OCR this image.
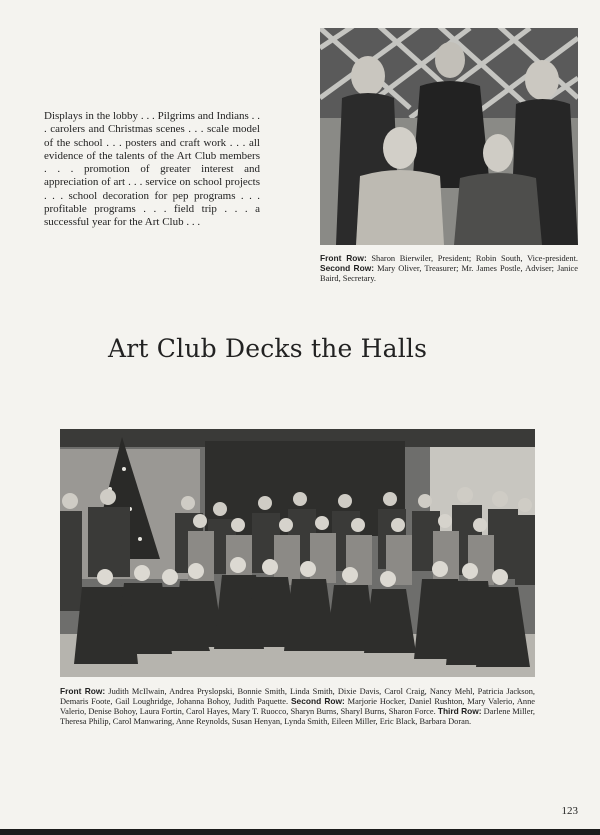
Displays in the lobby . . . Pilgrims and Indians . . . carolers and Christmas scenes . . . scale model of the school . . . posters and craft work . . . all evidence of the talents of the Art Club members . . . promotion of greater interest and appreciation of art . . . service on school projects . . . school decoration for pep programs . . . profitable programs . . . field trip . . . a successful year for the Art Club . . .
Front Row: Sharon Bierwiler, President; Robin South, Vice-president. Second Row: Mary Oliver, Treasurer; Mr. James Postle, Adviser; Janice Baird, Secretary.
Art Club Decks the Halls
Front Row: Judith McIlwain, Andrea Pryslopski, Bonnie Smith, Linda Smith, Dixie Davis, Carol Craig, Nancy Mehl, Patricia Jackson, Demaris Foote, Gail Loughridge, Johanna Bohoy, Judith Paquette. Second Row: Marjorie Hocker, Daniel Rushton, Mary Valerio, Anne Valerio, Denise Bohoy, Laura Fortin, Carol Hayes, Mary T. Ruocco, Sharyn Burns, Sharyl Burns, Sharon Force. Third Row: Darlene Miller, Theresa Philip, Carol Manwaring, Anne Reynolds, Susan Henyan, Lynda Smith, Eileen Miller, Eric Black, Barbara Doran.
123
